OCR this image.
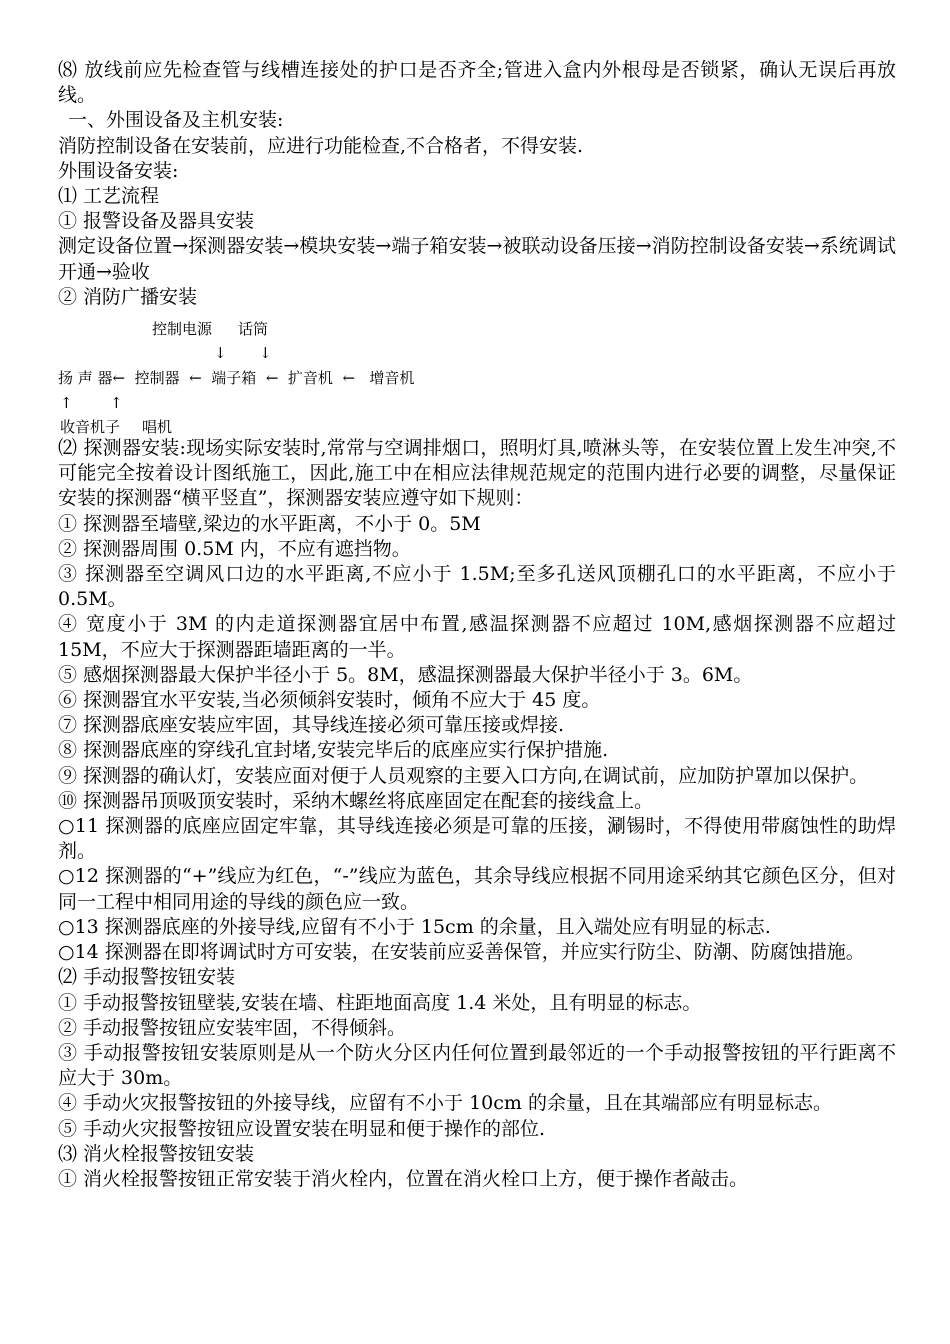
⑻ 放线前应先检查管与线槽连接处的护口是否齐全;管进入盒内外根母是否锁紧，确认无误后再放线。

一、外围设备及主机安装:

消防控制设备在安装前，应进行功能检查,不合格者，不得安装.

外围设备安装:

⑴ 工艺流程

① 报警设备及器具安装

测定设备位置→探测器安装→模块安装→端子箱安装→被联动设备压接→消防控制设备安装→系统调试开通→验收

② 消防广播安装

控制电源 话筒
↓ ↓
扬 声 器←  控制器  ←  端子箱  ←  扩音机  ←   增音机
↑ ↑
收音机子 唱机

⑵ 探测器安装:现场实际安装时,常常与空调排烟口，照明灯具,喷淋头等，在安装位置上发生冲突,不可能完全按着设计图纸施工，因此,施工中在相应法律规范规定的范围内进行必要的调整，尽量保证安装的探测器“横平竖直”，探测器安装应遵守如下规则：

① 探测器至墙壁,梁边的水平距离，不小于 0。5M

② 探测器周围 0.5M 内，不应有遮挡物。

③ 探测器至空调风口边的水平距离,不应小于 1.5M;至多孔送风顶棚孔口的水平距离，不应小于 0.5M。

④ 宽度小于 3M 的内走道探测器宜居中布置,感温探测器不应超过 10M,感烟探测器不应超过 15M，不应大于探测器距墙距离的一半。

⑤ 感烟探测器最大保护半径小于 5。8M，感温探测器最大保护半径小于 3。6M。

⑥ 探测器宜水平安装,当必须倾斜安装时，倾角不应大于 45 度。

⑦ 探测器底座安装应牢固，其导线连接必须可靠压接或焊接.

⑧ 探测器底座的穿线孔宜封堵,安装完毕后的底座应实行保护措施.

⑨ 探测器的确认灯，安装应面对便于人员观察的主要入口方向,在调试前，应加防护罩加以保护。

⑩ 探测器吊顶吸顶安装时，采纳木螺丝将底座固定在配套的接线盒上。

○11 探测器的底座应固定牢靠，其导线连接必须是可靠的压接，涮锡时，不得使用带腐蚀性的助焊剂。

○12 探测器的“+”线应为红色，“-”线应为蓝色，其余导线应根据不同用途采纳其它颜色区分，但对同一工程中相同用途的导线的颜色应一致。

○13 探测器底座的外接导线,应留有不小于 15cm 的余量，且入端处应有明显的标志.

○14 探测器在即将调试时方可安装，在安装前应妥善保管，并应实行防尘、防潮、防腐蚀措施。

⑵ 手动报警按钮安装

① 手动报警按钮壁装,安装在墙、柱距地面高度 1.4 米处，且有明显的标志。

② 手动报警按钮应安装牢固，不得倾斜。

③ 手动报警按钮安装原则是从一个防火分区内任何位置到最邻近的一个手动报警按钮的平行距离不应大于 30m。

④ 手动火灾报警按钮的外接导线，应留有不小于 10cm 的余量，且在其端部应有明显标志。

⑤ 手动火灾报警按钮应设置安装在明显和便于操作的部位.

⑶ 消火栓报警按钮安装

① 消火栓报警按钮正常安装于消火栓内，位置在消火栓口上方，便于操作者敲击。
